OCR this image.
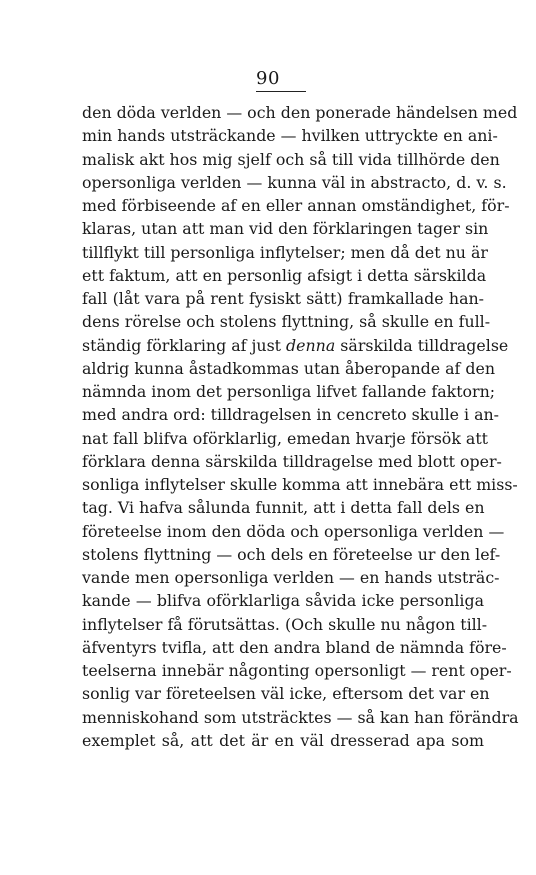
90
den döda verlden — och den ponerade händelsen med
min hands utsträckande — hvilken uttryckte en ani-
malisk akt hos mig sjelf och så till vida tillhörde den
opersonliga verlden — kunna väl in abstracto, d. v. s.
med förbiseende af en eller annan omständighet, för-
klaras, utan att man vid den förklaringen tager sin
tillflykt till personliga inflytelser; men då det nu är
ett faktum, att en personlig afsigt i detta särskilda
fall (låt vara på rent fysiskt sätt) framkallade han-
dens rörelse och stolens flyttning, så skulle en full-
ständig förklaring af just denna särskilda tilldragelse
aldrig kunna åstadkommas utan åberopande af den
nämnda inom det personliga lifvet fallande faktorn;
med andra ord: tilldragelsen in cencreto skulle i an-
nat fall blifva oförklarlig, emedan hvarje försök att
förklara denna särskilda tilldragelse med blott oper-
sonliga inflytelser skulle komma att innebära ett miss-
tag. Vi hafva sålunda funnit, att i detta fall dels en
företeelse inom den döda och opersonliga verlden —
stolens flyttning — och dels en företeelse ur den lef-
vande men opersonliga verlden — en hands utsträc-
kande — blifva oförklarliga såvida icke personliga
inflytelser få förutsättas. (Och skulle nu någon till-
äfventyrs tvifla, att den andra bland de nämnda före-
teelserna innebär någonting opersonligt — rent oper-
sonlig var företeelsen väl icke, eftersom det var en
menniskohand som utsträcktes — så kan han förändra
exemplet så, att det är en väl dresserad apa som
